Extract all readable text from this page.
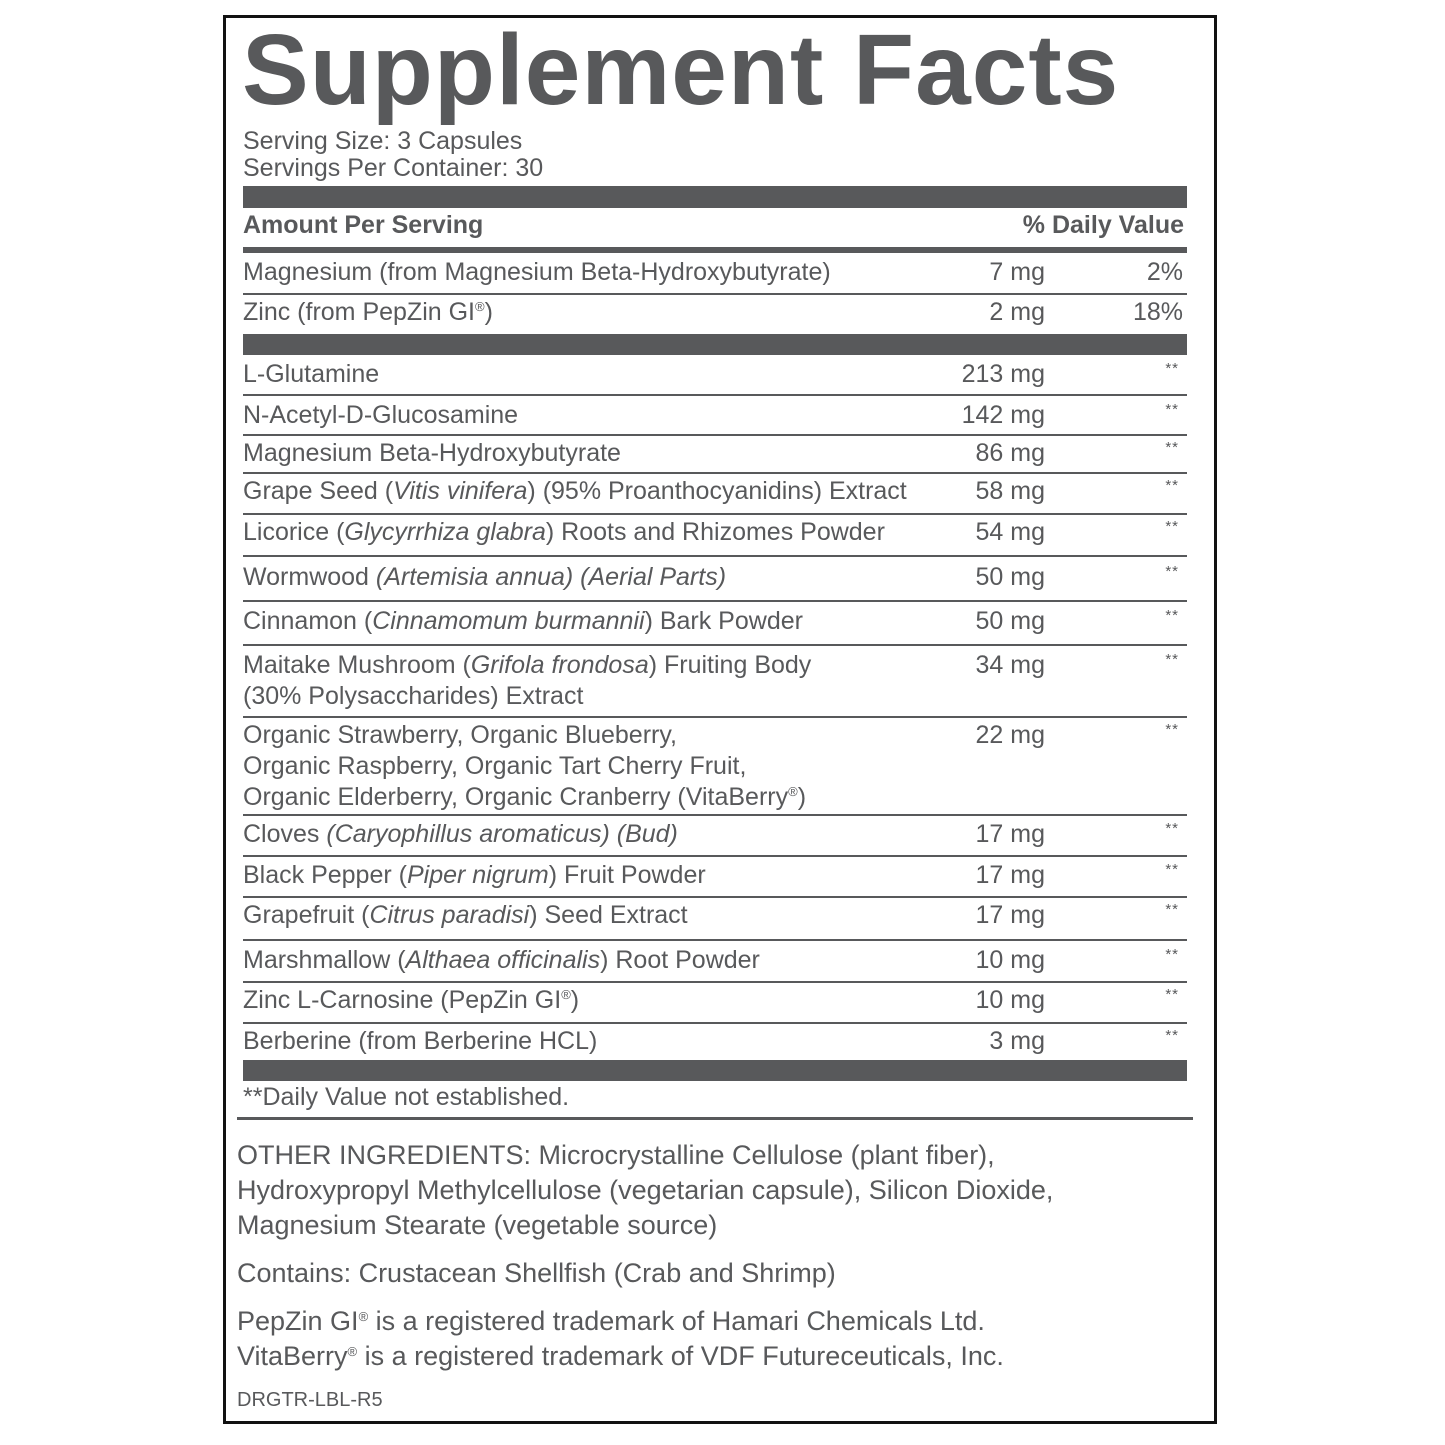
Supplement Facts
Serving Size: 3 Capsules
Servings Per Container: 30
Amount Per Serving	% Daily Value
Magnesium (from Magnesium Beta-Hydroxybutyrate)	7 mg	2%
Zinc (from PepZin GI®)	2 mg	18%
L-Glutamine	213 mg	**
N-Acetyl-D-Glucosamine	142 mg	**
Magnesium Beta-Hydroxybutyrate	86 mg	**
Grape Seed (Vitis vinifera) (95% Proanthocyanidins) Extract	58 mg	**
Licorice (Glycyrrhiza glabra) Roots and Rhizomes Powder	54 mg	**
Wormwood (Artemisia annua) (Aerial Parts)	50 mg	**
Cinnamon (Cinnamomum burmannii) Bark Powder	50 mg	**
Maitake Mushroom (Grifola frondosa) Fruiting Body
(30% Polysaccharides) Extract
34 mg	**
Organic Strawberry, Organic Blueberry,
Organic Raspberry, Organic Tart Cherry Fruit,
Organic Elderberry, Organic Cranberry (VitaBerry®)
22 mg	**
Cloves (Caryophillus aromaticus) (Bud)	17 mg	**
Black Pepper (Piper nigrum) Fruit Powder	17 mg	**
Grapefruit (Citrus paradisi) Seed Extract	17 mg	**
Marshmallow (Althaea officinalis) Root Powder	10 mg	**
Zinc L-Carnosine (PepZin GI®)	10 mg	**
Berberine (from Berberine HCL)	3 mg	**
**Daily Value not established.
OTHER INGREDIENTS: Microcrystalline Cellulose (plant fiber),
Hydroxypropyl Methylcellulose (vegetarian capsule), Silicon Dioxide,
Magnesium Stearate (vegetable source)
Contains: Crustacean Shellfish (Crab and Shrimp)
PepZin GI® is a registered trademark of Hamari Chemicals Ltd.
VitaBerry® is a registered trademark of VDF Futureceuticals, Inc.
DRGTR-LBL-R5
